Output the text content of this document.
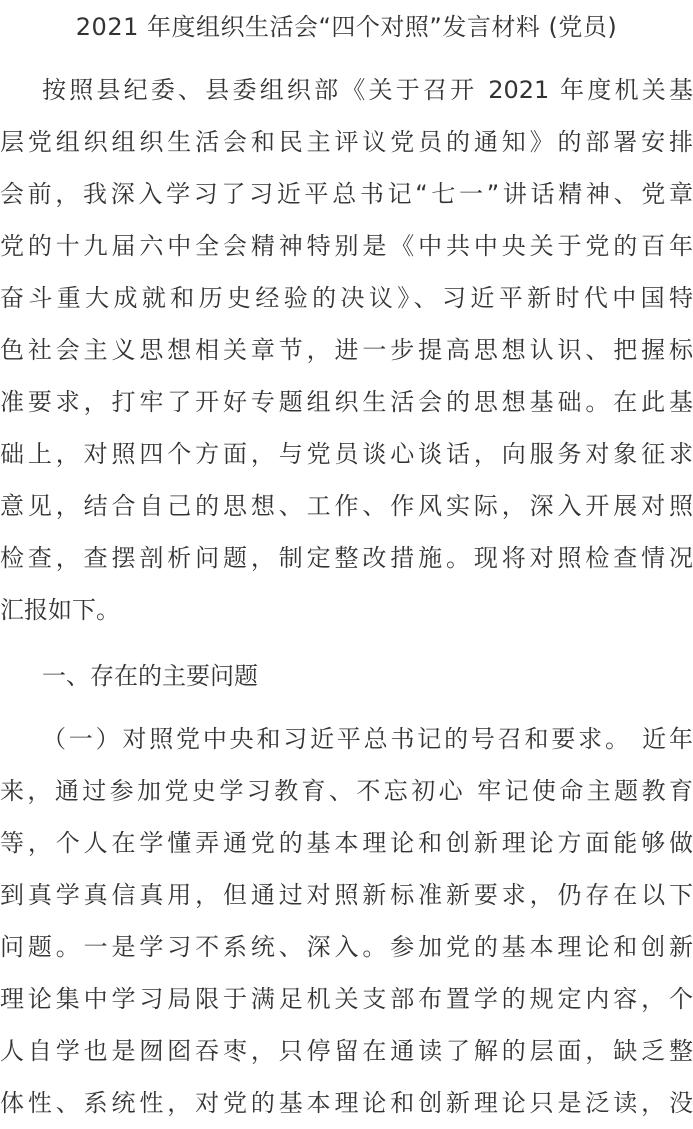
2021 年度组织生活会“四个对照”发言材料 (党员)
按照县纪委、县委组织部《关于召开 2021 年度机关基
层党组织组织生活会和民主评议党员的通知》的部署安排
会前，我深入学习了习近平总书记“七一”讲话精神、党章
党的十九届六中全会精神特别是《中共中央关于党的百年
奋斗重大成就和历史经验的决议》、习近平新时代中国特
色社会主义思想相关章节，进一步提高思想认识、把握标
准要求，打牢了开好专题组织生活会的思想基础。在此基
础上，对照四个方面，与党员谈心谈话，向服务对象征求
意见，结合自己的思想、工作、作风实际，深入开展对照
检查，查摆剖析问题，制定整改措施。现将对照检查情况
汇报如下。
一、存在的主要问题
（一）对照党中央和习近平总书记的号召和要求。 近年
来，通过参加党史学习教育、不忘初心 牢记使命主题教育
等，个人在学懂弄通党的基本理论和创新理论方面能够做
到真学真信真用，但通过对照新标准新要求，仍存在以下
问题。一是学习不系统、深入。参加党的基本理论和创新
理论集中学习局限于满足机关支部布置学的规定内容，个
人自学也是囫囵吞枣，只停留在通读了解的层面，缺乏整
体性、系统性，对党的基本理论和创新理论只是泛读，没
